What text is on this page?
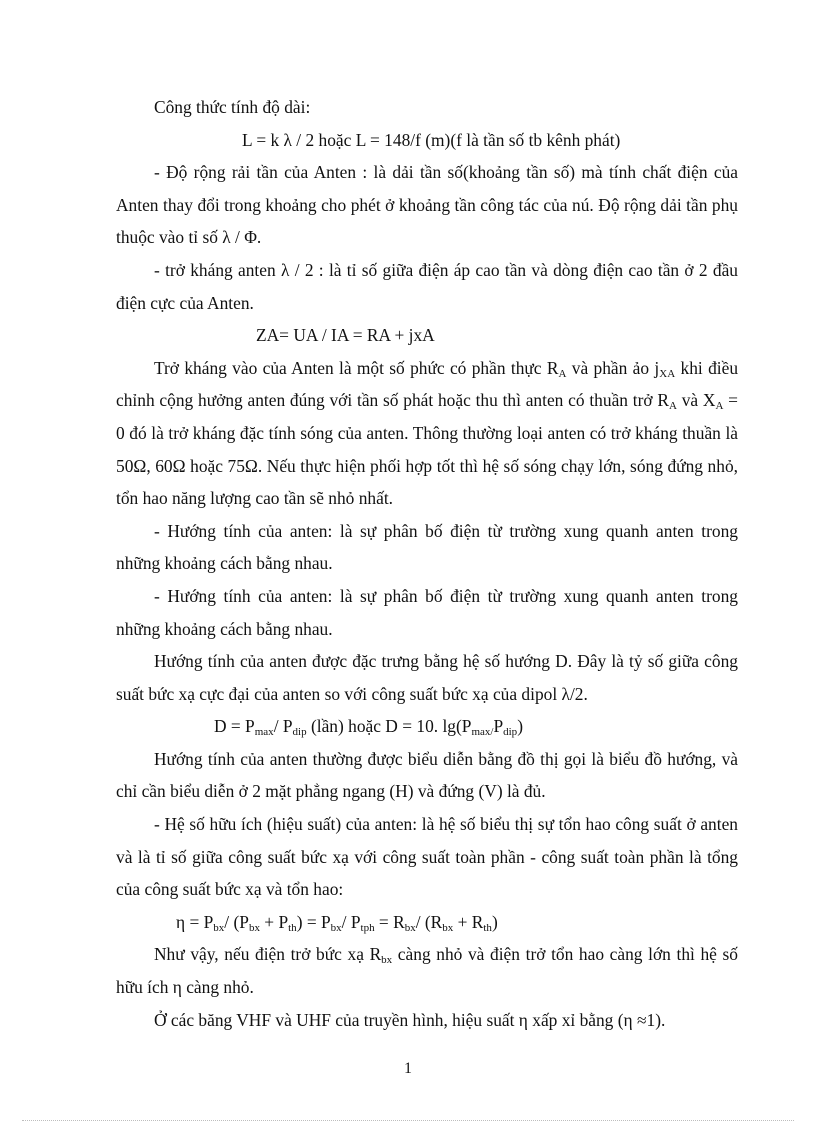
Công thức tính độ dài:

L = k λ / 2 hoặc L = 148/f (m)(f là tần số tb kênh phát)

- Độ rộng rải tần của Anten : là dải tần số(khoảng tần số) mà tính chất điện của Anten thay đổi trong khoảng cho phét ở khoảng tần công tác của nú. Độ rộng dải tần phụ thuộc vào tỉ số λ / Φ.

- trở kháng anten λ / 2 : là tỉ số giữa điện áp cao tần và dòng điện cao tần ở 2 đầu điện cực của Anten.

ZA= UA / IA = RA + jxA

Trở kháng vào của Anten là một số phức có phần thực $R_A$ và phần ảo $j_{XA}$ khi điều chỉnh cộng hưởng anten đúng với tần số phát hoặc thu thì anten có thuần trở $R_A$ và $X_A = 0$ đó là trở kháng đặc tính sóng của anten. Thông thường loại anten có trở kháng thuần là 50Ω, 60Ω hoặc 75Ω. Nếu thực hiện phối hợp tốt thì hệ số sóng chạy lớn, sóng đứng nhỏ, tổn hao năng lượng cao tần sẽ nhỏ nhất.

- Hướng tính của anten: là sự phân bố điện từ trường xung quanh anten trong những khoảng cách bằng nhau.

- Hướng tính của anten: là sự phân bố điện từ trường xung quanh anten trong những khoảng cách bằng nhau.

Hướng tính của anten được đặc trưng bằng hệ số hướng D. Đây là tỷ số giữa công suất bức xạ cực đại của anten so với công suất bức xạ của dipol λ/2.

$D = P_{max}/$ $P_{dip}$ (lần) hoặc D = 10. $\lg(P_{max/}P_{dip})$

Hướng tính của anten thường được biểu diễn bằng đồ thị gọi là biểu đồ hướng, và chỉ cần biểu diễn ở 2 mặt phẳng ngang (H) và đứng (V) là đủ.

- Hệ số hữu ích (hiệu suất) của anten: là hệ số biểu thị sự tổn hao công suất ở anten và là tỉ số giữa công suất bức xạ với công suất toàn phần - công suất toàn phần là tổng của công suất bức xạ và tổn hao:

$\eta = P_{bx}/$ $(P_{bx} + P_{th}) = P_{bx}/$ $P_{tph} = R_{bx}/$ $(R_{bx} + R_{th})$

Như vậy, nếu điện trở bức xạ $R_{bx}$ càng nhỏ và điện trở tổn hao càng lớn thì hệ số hữu ích η càng nhỏ.

Ở các băng VHF và UHF của truyền hình, hiệu suất η xấp xỉ bằng (η ≈1).

1
